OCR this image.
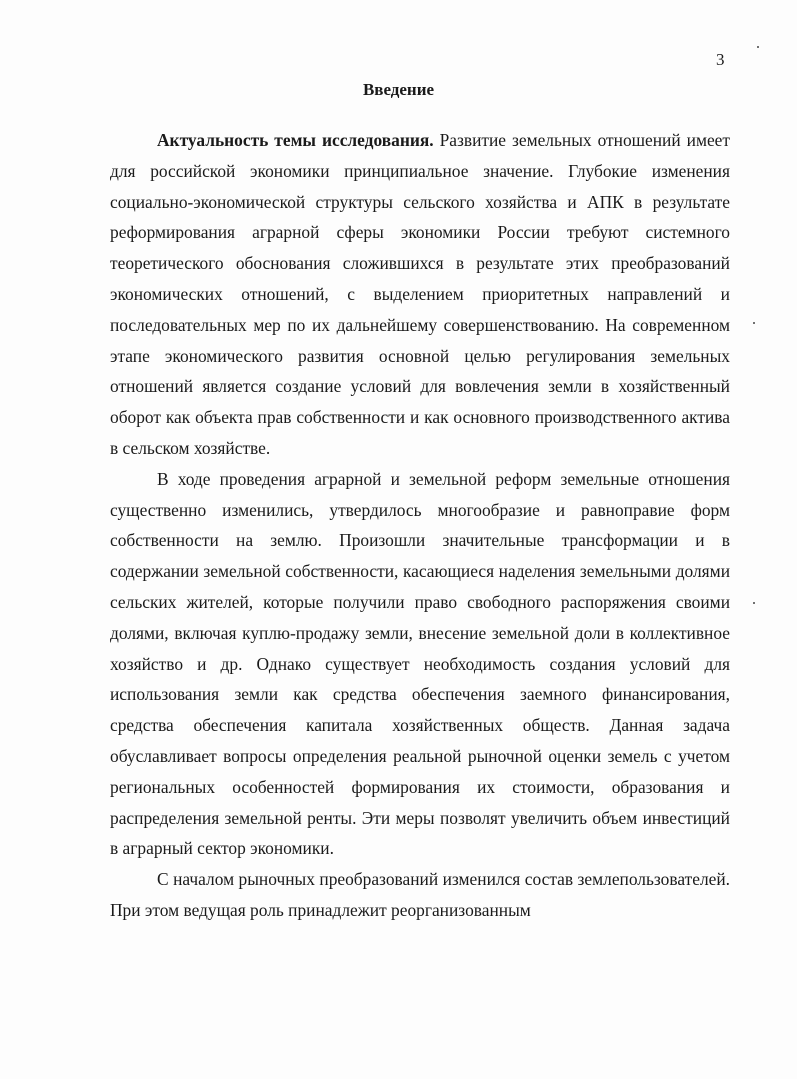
3
Введение

Актуальность темы исследования. Развитие земельных отношений имеет для российской экономики принципиальное значение. Глубокие изменения социально-экономической структуры сельского хозяйства и АПК в результате реформирования аграрной сферы экономики России требуют системного теоретического обоснования сложившихся в результате этих преобразований экономических отношений, с выделением приоритетных направлений и последовательных мер по их дальнейшему совершенствованию. На современном этапе экономического развития основной целью регулирования земельных отношений является создание условий для вовлечения земли в хозяйственный оборот как объекта прав собственности и как основного производственного актива в сельском хозяйстве.

В ходе проведения аграрной и земельной реформ земельные отношения существенно изменились, утвердилось многообразие и равноправие форм собственности на землю. Произошли значительные трансформации и в содержании земельной собственности, касающиеся наделения земельными долями сельских жителей, которые получили право свободного распоряжения своими долями, включая куплю-продажу земли, внесение земельной доли в коллективное хозяйство и др. Однако существует необходимость создания условий для использования земли как средства обеспечения заемного финансирования, средства обеспечения капитала хозяйственных обществ. Данная задача обуславливает вопросы определения реальной рыночной оценки земель с учетом региональных особенностей формирования их стоимости, образования и распределения земельной ренты. Эти меры позволят увеличить объем инвестиций в аграрный сектор экономики.

С началом рыночных преобразований изменился состав землепользователей. При этом ведущая роль принадлежит реорганизованным
